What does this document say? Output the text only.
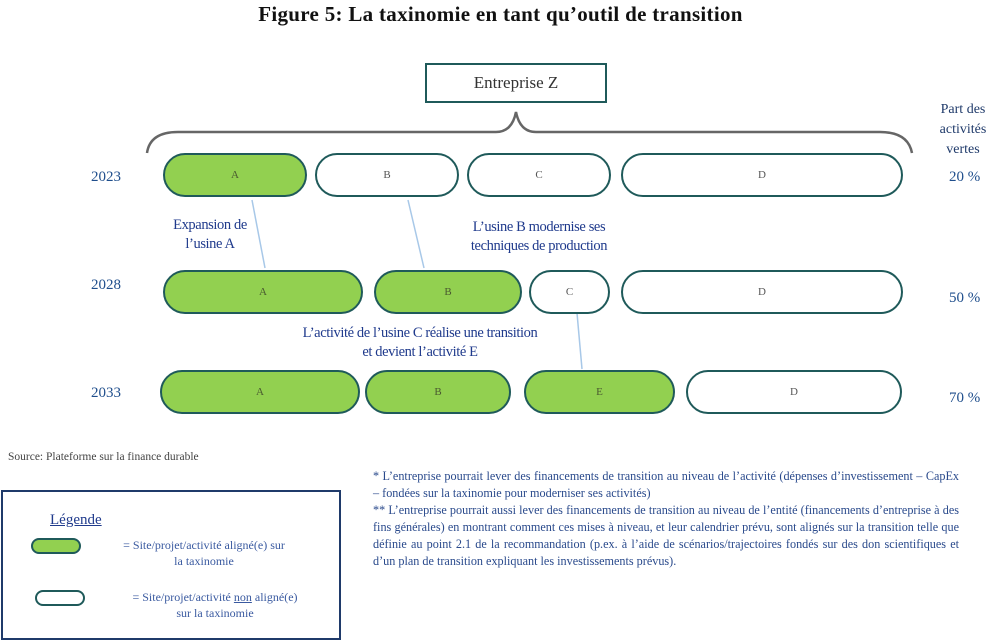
Figure 5: La taxinomie en tant qu’outil de transition
Entreprise Z
Part des
activités
vertes
2023	A	B	C	D	20 %
Expansion de
l’usine A
L’usine B modernise ses
techniques de production
2028	A	B	C	D	50 %
L’activité de l’usine C réalise une transition
et devient l’activité E
2033	A	B	E	D	70 %
Source: Plateforme sur la finance durable
Légende
= Site/projet/activité aligné(e) sur
la taxinomie
= Site/projet/activité non aligné(e)
sur la taxinomie

* L’entreprise pourrait lever des financements de transition au niveau de l’activité (dépenses d’investissement – CapEx – fondées sur la taxinomie pour moderniser ses activités)

** L’entreprise pourrait aussi lever des financements de transition au niveau de l’entité (financements d’entreprise à des fins générales) en montrant comment ces mises à niveau, et leur calendrier prévu, sont alignés sur la transition telle que définie au point 2.1 de la recommandation (p.ex. à l’aide de scénarios/trajectoires fondés sur des don scientifiques et d’un plan de transition expliquant les investissements prévus).
